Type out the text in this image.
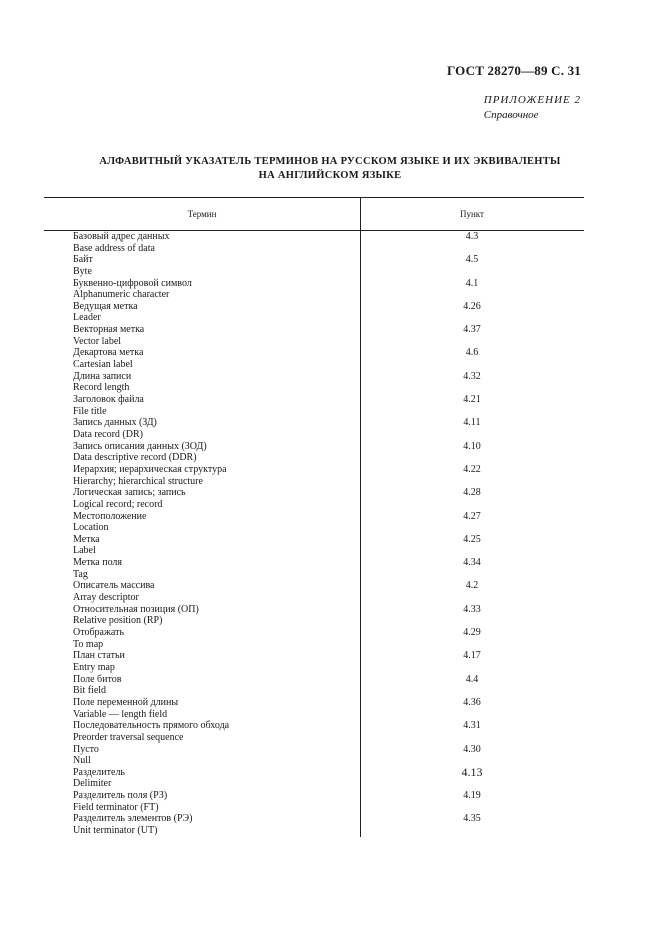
ГОСТ 28270—89 С. 31
ПРИЛОЖЕНИЕ 2
Справочное
АЛФАВИТНЫЙ УКАЗАТЕЛЬ ТЕРМИНОВ НА РУССКОМ ЯЗЫКЕ И ИХ ЭКВИВАЛЕНТЫ
НА АНГЛИЙСКОМ ЯЗЫКЕ
Термин	Пункт
Базовый адрес данных
Base address of data
4.3
Байт
Byte
4.5
Буквенно-цифровой символ
Alphanumeric character
4.1
Ведущая метка
Leader
4.26
Векторная метка
Vector label
4.37
Декартова метка
Cartesian label
4.6
Длина записи
Record length
4.32
Заголовок файла
File title
4.21
Запись данных (ЗД)
Data record (DR)
4.11
Запись описания данных (ЗОД)
Data descriptive record (DDR)
4.10
Иерархия; иерархическая структура
Hierarchy; hierarchical structure
4.22
Логическая запись; запись
Logical record; record
4.28
Местоположение
Location
4.27
Метка
Label
4.25
Метка поля
Tag
4.34
Описатель массива
Array descriptor
4.2
Относительная позиция (ОП)
Relative position (RP)
4.33
Отображать
To map
4.29
План статьи
Entry map
4.17
Поле битов
Bit field
4.4
Поле переменной длины
Variable — length field
4.36
Последовательность прямого обхода
Preorder traversal sequence
4.31
Пусто
Null
4.30
Разделитель
Delimiter
4.13
Разделитель поля (РЗ)
Field terminator (FT)
4.19
Разделитель элементов (РЭ)
Unit terminator (UT)
4.35
